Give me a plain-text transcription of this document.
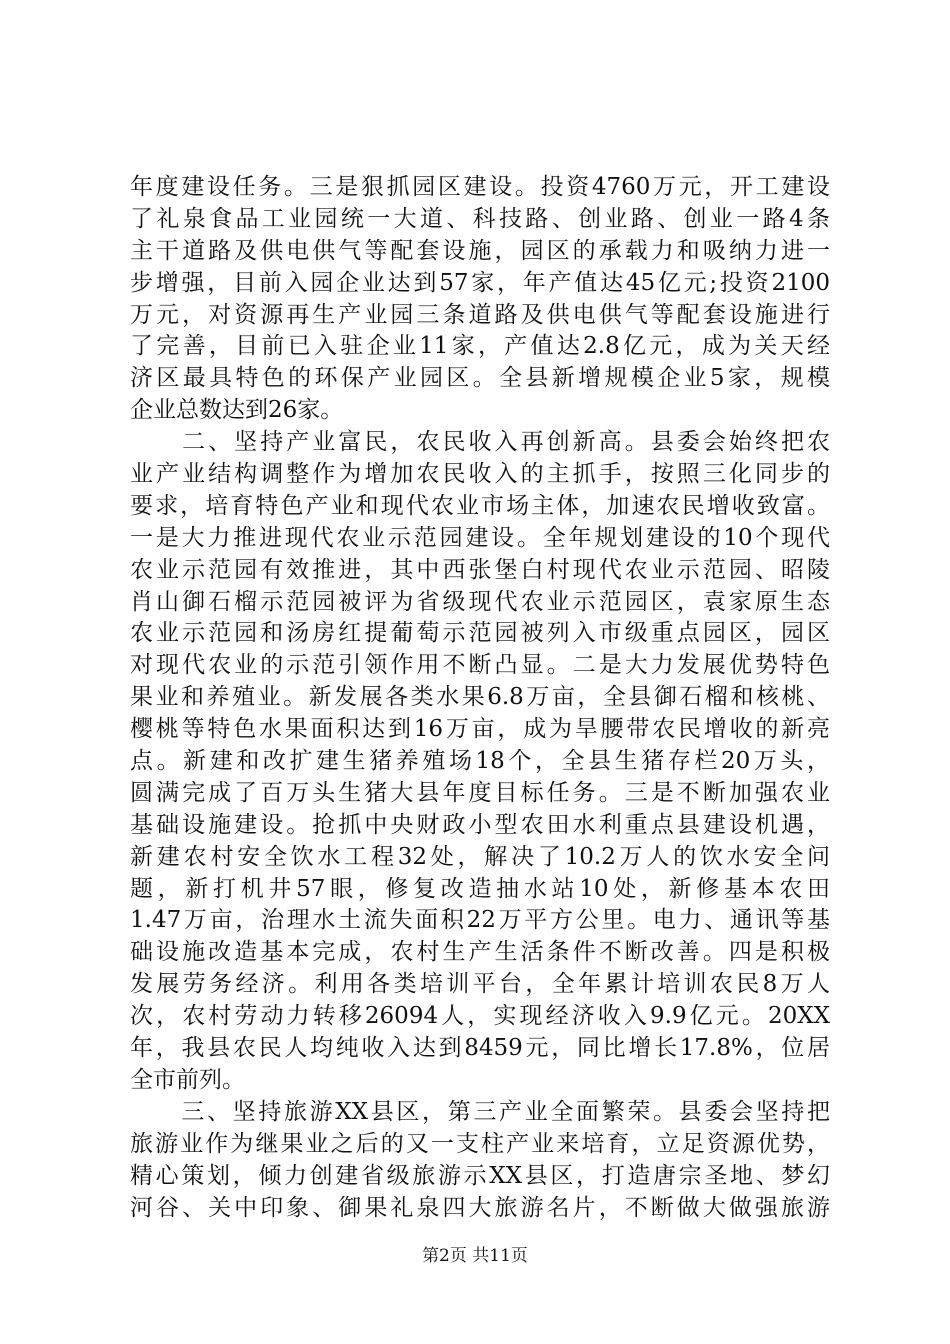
年度建设任务。三是狠抓园区建设。投资4760万元，开工建设
了礼泉食品工业园统一大道、科技路、创业路、创业一路4条
主干道路及供电供气等配套设施，园区的承载力和吸纳力进一
步增强，目前入园企业达到57家，年产值达45亿元;投资2100
万元，对资源再生产业园三条道路及供电供气等配套设施进行
了完善，目前已入驻企业11家，产值达2.8亿元，成为关天经
济区最具特色的环保产业园区。全县新增规模企业5家，规模
企业总数达到26家。
　　二、坚持产业富民，农民收入再创新高。县委会始终把农
业产业结构调整作为增加农民收入的主抓手，按照三化同步的
要求，培育特色产业和现代农业市场主体，加速农民增收致富。
一是大力推进现代农业示范园建设。全年规划建设的10个现代
农业示范园有效推进，其中西张堡白村现代农业示范园、昭陵
肖山御石榴示范园被评为省级现代农业示范园区，袁家原生态
农业示范园和汤房红提葡萄示范园被列入市级重点园区，园区
对现代农业的示范引领作用不断凸显。二是大力发展优势特色
果业和养殖业。新发展各类水果6.8万亩，全县御石榴和核桃、
樱桃等特色水果面积达到16万亩，成为旱腰带农民增收的新亮
点。新建和改扩建生猪养殖场18个，全县生猪存栏20万头，
圆满完成了百万头生猪大县年度目标任务。三是不断加强农业
基础设施建设。抢抓中央财政小型农田水利重点县建设机遇，
新建农村安全饮水工程32处，解决了10.2万人的饮水安全问
题，新打机井57眼，修复改造抽水站10处，新修基本农田
1.47万亩，治理水土流失面积22万平方公里。电力、通讯等基
础设施改造基本完成，农村生产生活条件不断改善。四是积极
发展劳务经济。利用各类培训平台，全年累计培训农民8万人
次，农村劳动力转移26094人，实现经济收入9.9亿元。20XX
年，我县农民人均纯收入达到8459元，同比增长17.8%，位居
全市前列。
　　三、坚持旅游XX县区，第三产业全面繁荣。县委会坚持把
旅游业作为继果业之后的又一支柱产业来培育，立足资源优势，
精心策划，倾力创建省级旅游示XX县区，打造唐宗圣地、梦幻
河谷、关中印象、御果礼泉四大旅游名片，不断做大做强旅游
第2页 共11页
